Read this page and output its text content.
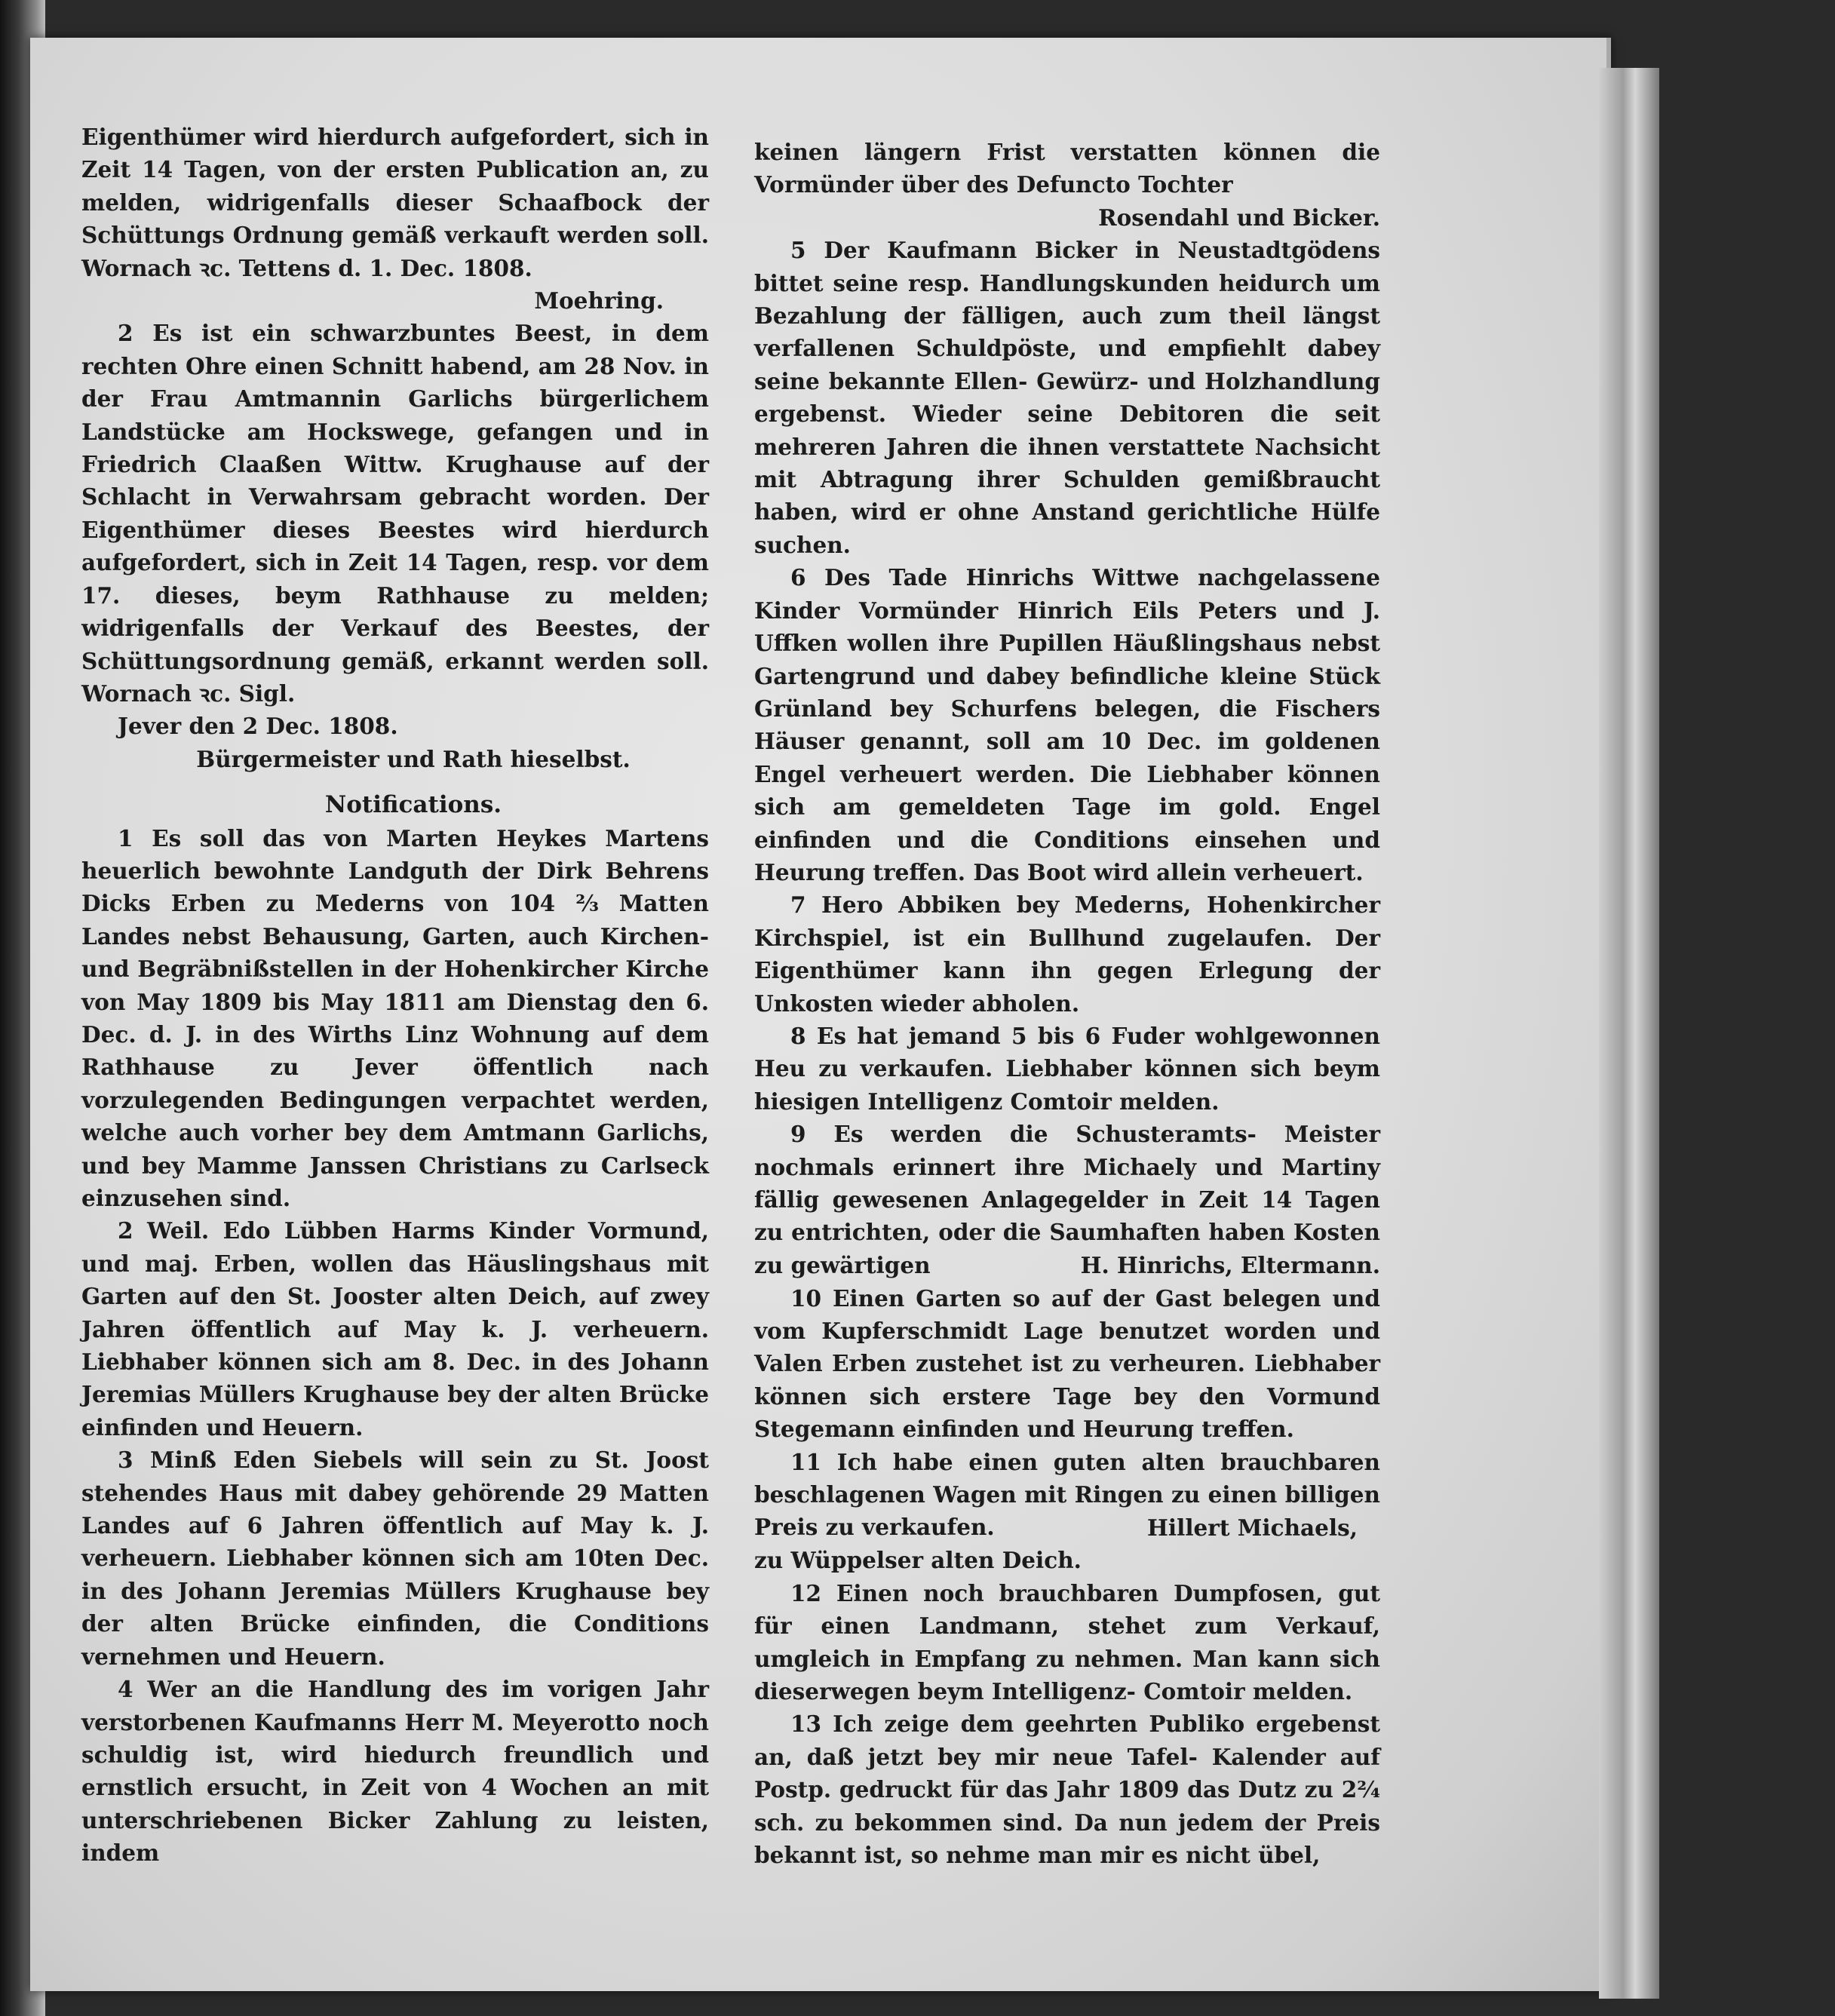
Eigenthümer wird hierdurch aufgefordert, sich in Zeit 14 Tagen, von der ersten Publication an, zu melden, widrigenfalls dieser Schaafbock der Schüttungs Ordnung gemäß verkauft werden soll. Wornach ꝛc. Tettens d. 1. Dec. 1808.

Moehring.

2 Es ist ein schwarzbuntes Beest, in dem rechten Ohre einen Schnitt habend, am 28 Nov. in der Frau Amtmannin Garlichs bürgerlichem Landstücke am Hockswege, gefangen und in Friedrich Claaßen Wittw. Krughause auf der Schlacht in Verwahrsam gebracht worden. Der Eigenthümer dieses Beestes wird hierdurch aufgefordert, sich in Zeit 14 Tagen, resp. vor dem 17. dieses, beym Rathhause zu melden; widrigenfalls der Verkauf des Beestes, der Schüttungsordnung gemäß, erkannt werden soll. Wornach ꝛc. Sigl.

Jever den 2 Dec. 1808.

Bürgermeister und Rath hieselbst.

Notifications.

1 Es soll das von Marten Heykes Martens heuerlich bewohnte Landguth der Dirk Behrens Dicks Erben zu Mederns von 104 ⅔ Matten Landes nebst Behausung, Garten, auch Kirchen- und Begräbnißstellen in der Hohenkircher Kirche von May 1809 bis May 1811 am Dienstag den 6. Dec. d. J. in des Wirths Linz Wohnung auf dem Rathhause zu Jever öffentlich nach vorzulegenden Bedingungen verpachtet werden, welche auch vorher bey dem Amtmann Garlichs, und bey Mamme Janssen Christians zu Carlseck einzusehen sind.

2 Weil. Edo Lübben Harms Kinder Vormund, und maj. Erben, wollen das Häuslingshaus mit Garten auf den St. Jooster alten Deich, auf zwey Jahren öffentlich auf May k. J. verheuern. Liebhaber können sich am 8. Dec. in des Johann Jeremias Müllers Krughause bey der alten Brücke einfinden und Heuern.

3 Minß Eden Siebels will sein zu St. Joost stehendes Haus mit dabey gehörende 29 Matten Landes auf 6 Jahren öffentlich auf May k. J. verheuern. Liebhaber können sich am 10ten Dec. in des Johann Jeremias Müllers Krughause bey der alten Brücke einfinden, die Conditions vernehmen und Heuern.

4 Wer an die Handlung des im vorigen Jahr verstorbenen Kaufmanns Herr M. Meyerotto noch schuldig ist, wird hiedurch freundlich und ernstlich ersucht, in Zeit von 4 Wochen an mit unterschriebenen Bicker Zahlung zu leisten, indem

keinen längern Frist verstatten können die Vormünder über des Defuncto Tochter

Rosendahl und Bicker.

5 Der Kaufmann Bicker in Neustadtgödens bittet seine resp. Handlungskunden heidurch um Bezahlung der fälligen, auch zum theil längst verfallenen Schuldpöste, und empfiehlt dabey seine bekannte Ellen- Gewürz- und Holzhandlung ergebenst. Wieder seine Debitoren die seit mehreren Jahren die ihnen verstattete Nachsicht mit Abtragung ihrer Schulden gemißbraucht haben, wird er ohne Anstand gerichtliche Hülfe suchen.

6 Des Tade Hinrichs Wittwe nachgelassene Kinder Vormünder Hinrich Eils Peters und J. Uffken wollen ihre Pupillen Häußlingshaus nebst Gartengrund und dabey befindliche kleine Stück Grünland bey Schurfens belegen, die Fischers Häuser genannt, soll am 10 Dec. im goldenen Engel verheuert werden. Die Liebhaber können sich am gemeldeten Tage im gold. Engel einfinden und die Conditions einsehen und Heurung treffen. Das Boot wird allein verheuert.

7 Hero Abbiken bey Mederns, Hohenkircher Kirchspiel, ist ein Bullhund zugelaufen. Der Eigenthümer kann ihn gegen Erlegung der Unkosten wieder abholen.

8 Es hat jemand 5 bis 6 Fuder wohlgewonnen Heu zu verkaufen. Liebhaber können sich beym hiesigen Intelligenz Comtoir melden.

9 Es werden die Schusteramts- Meister nochmals erinnert ihre Michaely und Martiny fällig gewesenen Anlagegelder in Zeit 14 Tagen zu entrichten, oder die Saumhaften haben Kosten zu gewärtigen	H. Hinrichs, Eltermann.

10 Einen Garten so auf der Gast belegen und vom Kupferschmidt Lage benutzet worden und Valen Erben zustehet ist zu verheuren. Liebhaber können sich erstere Tage bey den Vormund Stegemann einfinden und Heurung treffen.

11 Ich habe einen guten alten brauchbaren beschlagenen Wagen mit Ringen zu einen billigen Preis zu verkaufen.	Hillert Michaels,

zu Wüppelser alten Deich.

12 Einen noch brauchbaren Dumpfosen, gut für einen Landmann, stehet zum Verkauf, umgleich in Empfang zu nehmen. Man kann sich dieserwegen beym Intelligenz- Comtoir melden.

13 Ich zeige dem geehrten Publiko ergebenst an, daß jetzt bey mir neue Tafel- Kalender auf Postp. gedruckt für das Jahr 1809 das Dutz zu 2²⁄₄ sch. zu bekommen sind. Da nun jedem der Preis bekannt ist, so nehme man mir es nicht übel,
